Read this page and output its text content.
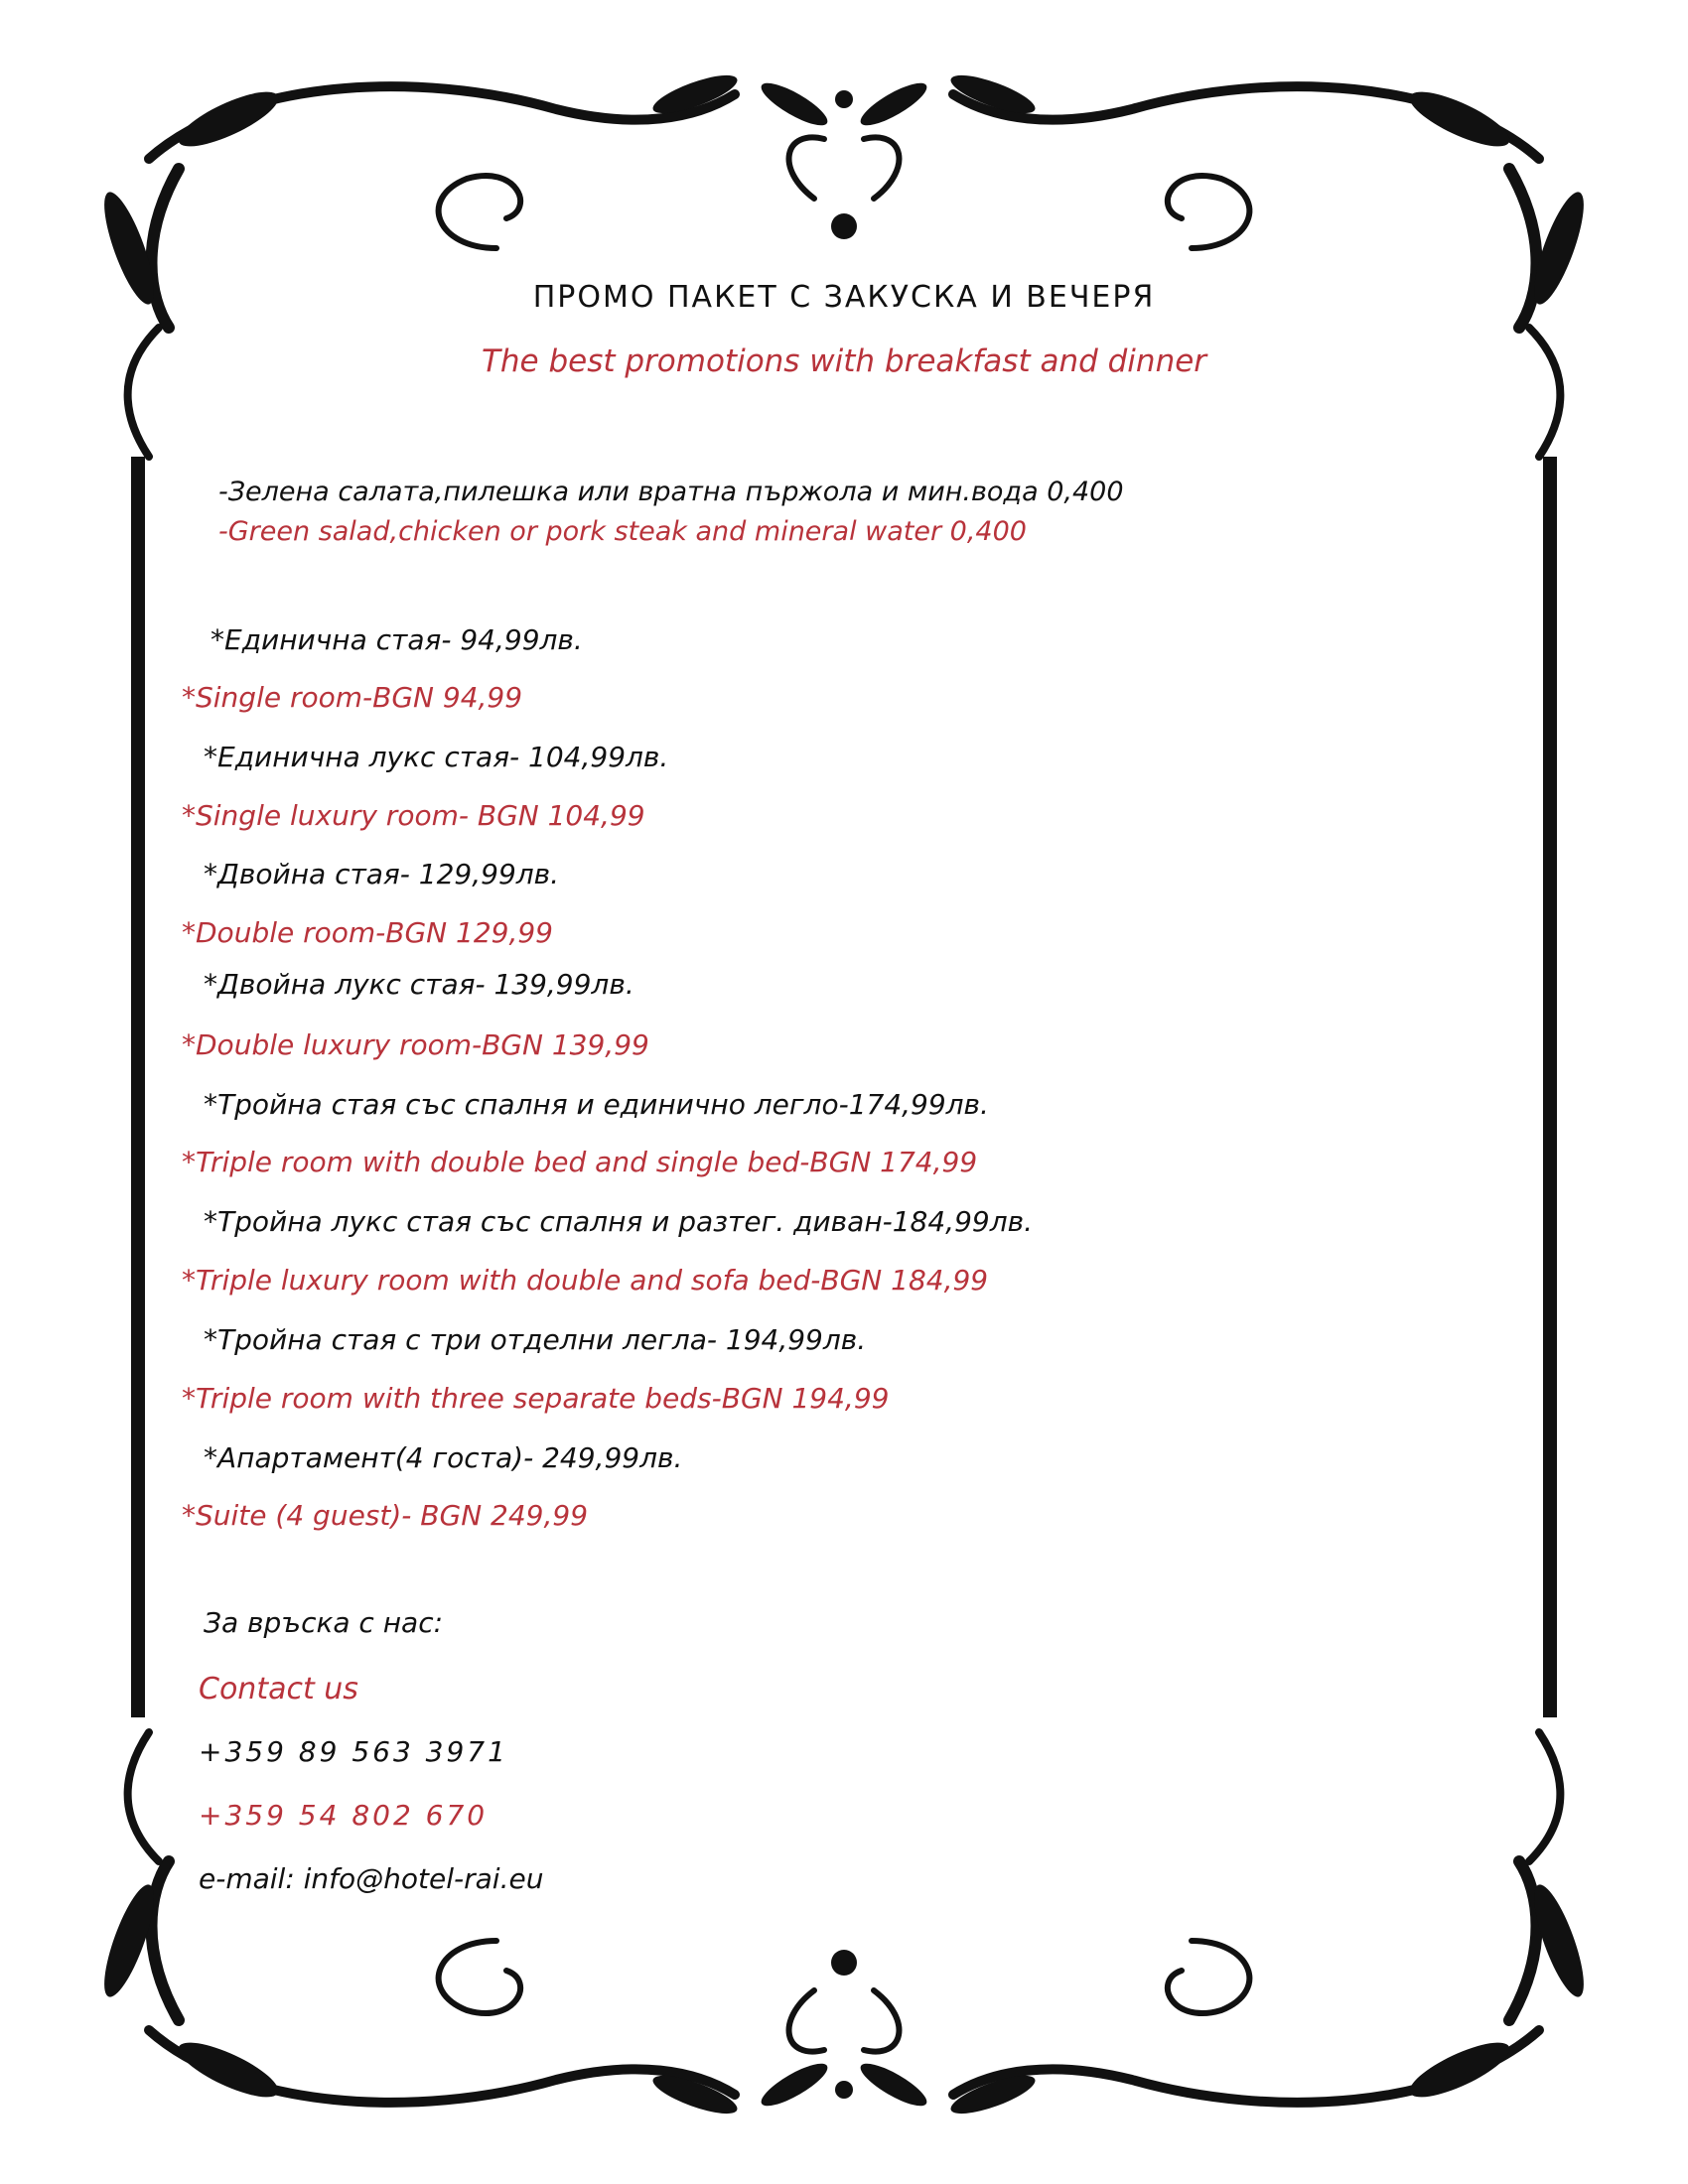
ПРОМО ПАКЕТ С ЗАКУСКА И ВЕЧЕРЯ
The best promotions with breakfast and dinner
-Зелена салата,пилешка или вратна пържола и мин.вода 0,400
-Green salad,chicken or pork steak and mineral water 0,400
*Единична стая- 94,99лв.
*Single room-BGN 94,99
*Единична лукс стая- 104,99лв.
*Single luxury room- BGN 104,99
*Двойна стая- 129,99лв.
*Double room-BGN 129,99
*Двойна лукс стая- 139,99лв.
*Double luxury room-BGN 139,99
*Тройна стая със спалня и единично легло-174,99лв.
*Triple room with double bed and single bed-BGN 174,99
*Тройна лукс стая със спалня и разтег. диван-184,99лв.
*Triple luxury room with double and sofa bed-BGN 184,99
*Тройна стая с три отделни легла- 194,99лв.
*Triple room with three separate beds-BGN 194,99
*Апартамент(4 госта)- 249,99лв.
*Suite (4 guest)- BGN 249,99
За връска с нас:
Contact us
+359 89 563 3971
+359 54 802 670
e-mail: info@hotel-rai.eu
